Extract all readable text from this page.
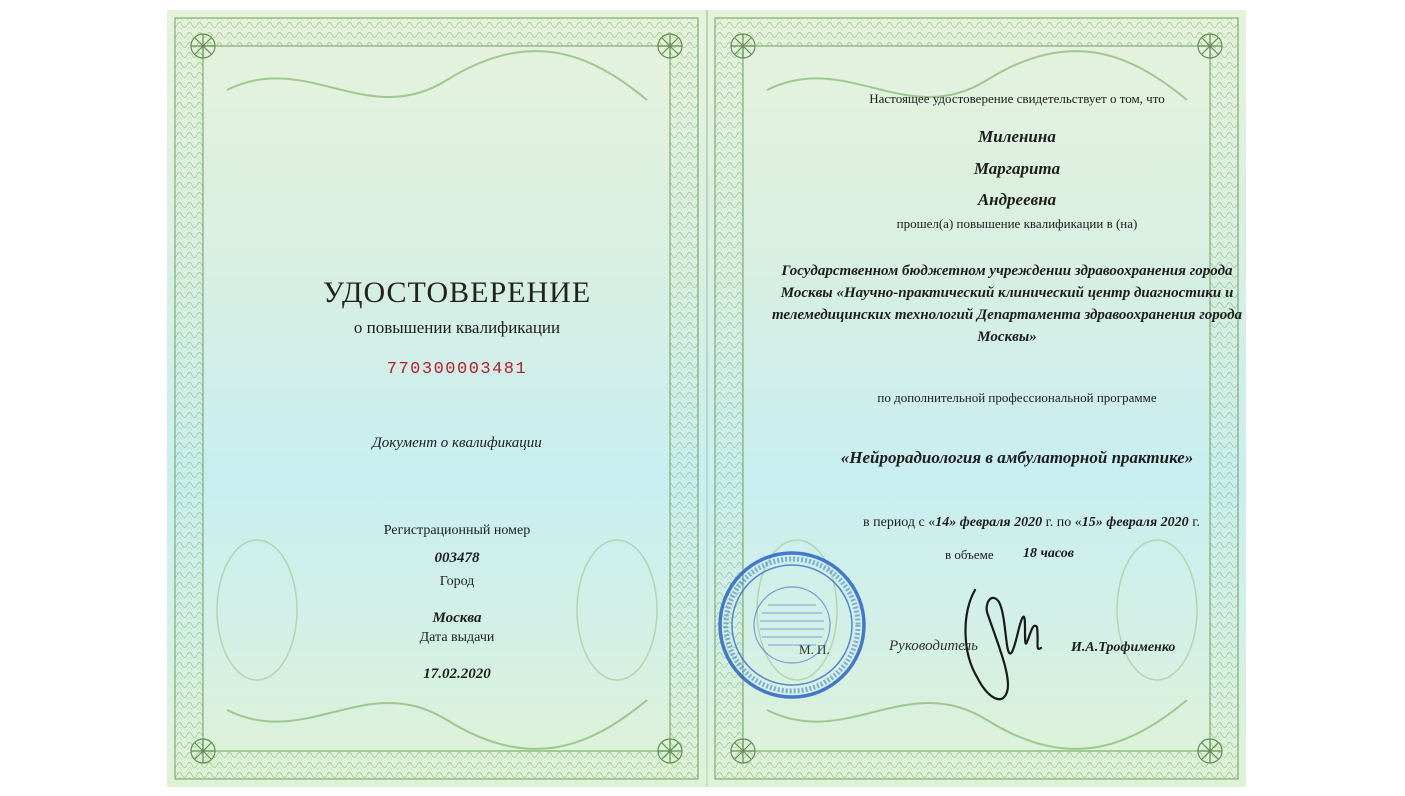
УДОСТОВЕРЕНИЕ
о повышении квалификации
770300003481
Документ о квалификации
Регистрационный номер
003478
Город
Москва
Дата выдачи
17.02.2020
Настоящее удостоверение свидетельствует о том, что
Миленина
Маргарита
Андреевна
прошел(а) повышение квалификации в (на)
Государственном бюджетном учреждении здравоохранения города Москвы «Научно-практический клинический центр диагностики и телемедицинских технологий Департамента здравоохранения города Москвы»
по дополнительной профессиональной программе
«Нейрорадиология в амбулаторной практике»
в период с «14» февраля 2020 г. по «15» февраля 2020 г.
в объеме 18 часов
М. П.	Руководитель	И.А.Трофименко
